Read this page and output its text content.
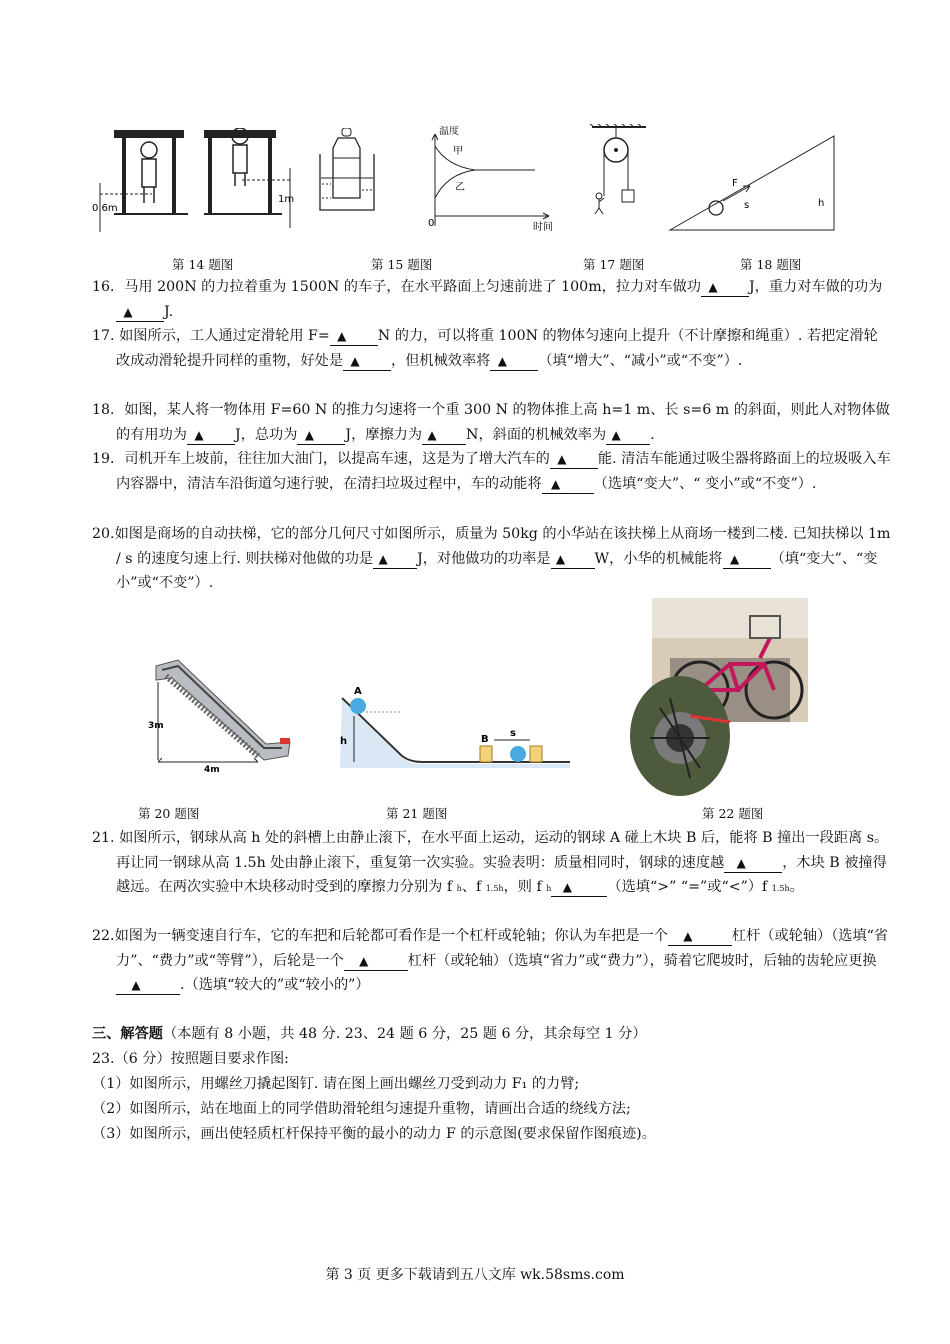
0.6m
1m
温度
时间
0
甲
乙	F
s	h
第 14 题图	第 15 题图	第 17 题图	第 18 题图
16．马用 200N 的力拉着重为 1500N 的车子，在水平路面上匀速前进了 100m，拉力对车做功 ▲ J，重力对车做的功为▲ J.
17. 如图所示，工人通过定滑轮用 F= ▲ N 的力，可以将重 100N 的物体匀速向上提升（不计摩擦和绳重）. 若把定滑轮改成动滑轮提升同样的重物，好处是 ▲ ，但机械效率将 ▲ （填“增大”、“减小”或“不变”）.
18．如图，某人将一物体用 F=60 N 的推力匀速将一个重 300 N 的物体推上高 h=1 m、长 s=6 m 的斜面，则此人对物体做的有用功为 ▲ J，总功为 ▲ J，摩擦力为 ▲ N，斜面的机械效率为 ▲ .
19．司机开车上坡前，往往加大油门，以提高车速，这是为了增大汽车的 ▲ 能. 清洁车能通过吸尘器将路面上的垃圾吸入车内容器中，清洁车沿街道匀速行驶，在清扫垃圾过程中，车的动能将 ▲ （选填“变大”、“ 变小”或“不变”）.
20.如图是商场的自动扶梯，它的部分几何尺寸如图所示，质量为 50kg 的小华站在该扶梯上从商场一楼到二楼. 已知扶梯以 1m / s 的速度匀速上行. 则扶梯对他做的功是 ▲ J，对他做功的功率是 ▲ W，小华的机械能将 ▲ （填“变大”、“变小”或“不变”）.
3m
4m
A
h	B
s
第 20 题图	第 21 题图	第 22 题图
21. 如图所示，钢球从高 h 处的斜槽上由静止滚下，在水平面上运动，运动的钢球 A 碰上木块 B 后，能将 B 撞出一段距离 s。再让同一钢球从高 1.5h 处由静止滚下，重复第一次实验。实验表明：质量相同时，钢球的速度越 ▲	，木块 B 被撞得越远。在两次实验中木块移动时受到的摩擦力分别为 f h、f 1.5h，则 f h ▲ （选填“>” “=”或“<”）f 1.5h。
22.如图为一辆变速自行车，它的车把和后轮都可看作是一个杠杆或轮轴；你认为车把是一个 ▲	杠杆（或轮轴）（选填“省力”、“费力”或“等臂”），后轮是一个 ▲	杠杆（或轮轴）（选填“省力”或“费力”），骑着它爬坡时，后轴的齿轮应更换▲	.（选填“较大的”或“较小的”）
三、解答题（本题有 8 小题，共 48 分. 23、24 题 6 分，25 题 6 分，其余每空 1 分）
23.（6 分）按照题目要求作图:
（1）如图所示，用螺丝刀撬起图钉. 请在图上画出螺丝刀受到动力 F₁ 的力臂;
（2）如图所示，站在地面上的同学借助滑轮组匀速提升重物，请画出合适的绕线方法;
（3）如图所示，画出使轻质杠杆保持平衡的最小的动力 F 的示意图(要求保留作图痕迹)。
第 3 页 更多下载请到五八文库 wk.58sms.com
